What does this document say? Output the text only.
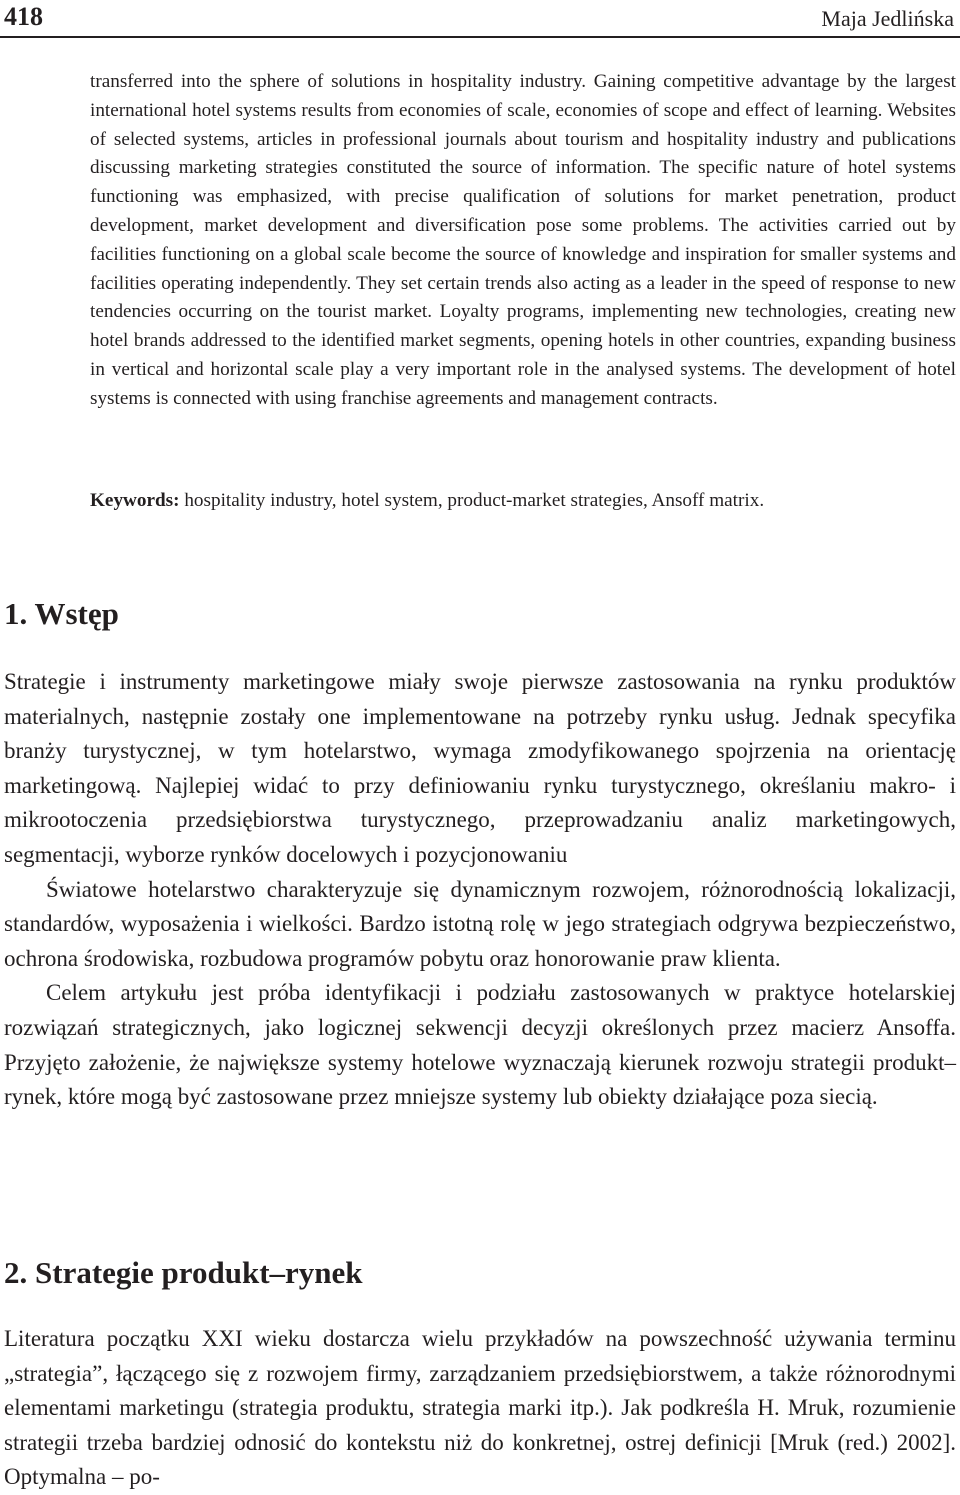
418	Maja Jedlińska

transferred into the sphere of solutions in hospitality industry. Gaining competitive advantage by the largest international hotel systems results from economies of scale, economies of scope and effect of learning. Websites of selected systems, articles in professional journals about tourism and hospitality industry and publications discussing marketing strategies constituted the source of information. The specific nature of hotel systems functioning was emphasized, with precise qualification of solutions for market penetration, product development, market development and diversification pose some problems. The activities carried out by facilities functioning on a global scale become the source of knowledge and inspiration for smaller systems and facilities operating independently. They set certain trends also acting as a leader in the speed of response to new tendencies occurring on the tourist market. Loyalty programs, implementing new technologies, creating new hotel brands addressed to the identified market segments, opening hotels in other countries, expanding business in vertical and horizontal scale play a very important role in the analysed systems. The development of hotel systems is connected with using franchise agreements and management contracts.

Keywords: hospitality industry, hotel system, product-market strategies, Ansoff matrix.
1. Wstęp

Strategie i instrumenty marketingowe miały swoje pierwsze zastosowania na rynku produktów materialnych, następnie zostały one implementowane na potrzeby rynku usług. Jednak specyfika branży turystycznej, w tym hotelarstwo, wymaga zmodyfikowanego spojrzenia na orientację marketingową. Najlepiej widać to przy definiowaniu rynku turystycznego, określaniu makro- i mikrootoczenia przedsiębiorstwa turystycznego, przeprowadzaniu analiz marketingowych, segmentacji, wyborze rynków docelowych i pozycjonowaniu

Światowe hotelarstwo charakteryzuje się dynamicznym rozwojem, różnorodnością lokalizacji, standardów, wyposażenia i wielkości. Bardzo istotną rolę w jego strategiach odgrywa bezpieczeństwo, ochrona środowiska, rozbudowa programów pobytu oraz honorowanie praw klienta.

Celem artykułu jest próba identyfikacji i podziału zastosowanych w praktyce hotelarskiej rozwiązań strategicznych, jako logicznej sekwencji decyzji określonych przez macierz Ansoffa. Przyjęto założenie, że największe systemy hotelowe wyznaczają kierunek rozwoju strategii produkt–rynek, które mogą być zastosowane przez mniejsze systemy lub obiekty działające poza siecią.

2. Strategie produkt–rynek

Literatura początku XXI wieku dostarcza wielu przykładów na powszechność używania terminu „strategia”, łączącego się z rozwojem firmy, zarządzaniem przedsiębiorstwem, a także różnorodnymi elementami marketingu (strategia produktu, strategia marki itp.). Jak podkreśla H. Mruk, rozumienie strategii trzeba bardziej odnosić do kontekstu niż do konkretnej, ostrej definicji [Mruk (red.) 2002]. Optymalna – po-
